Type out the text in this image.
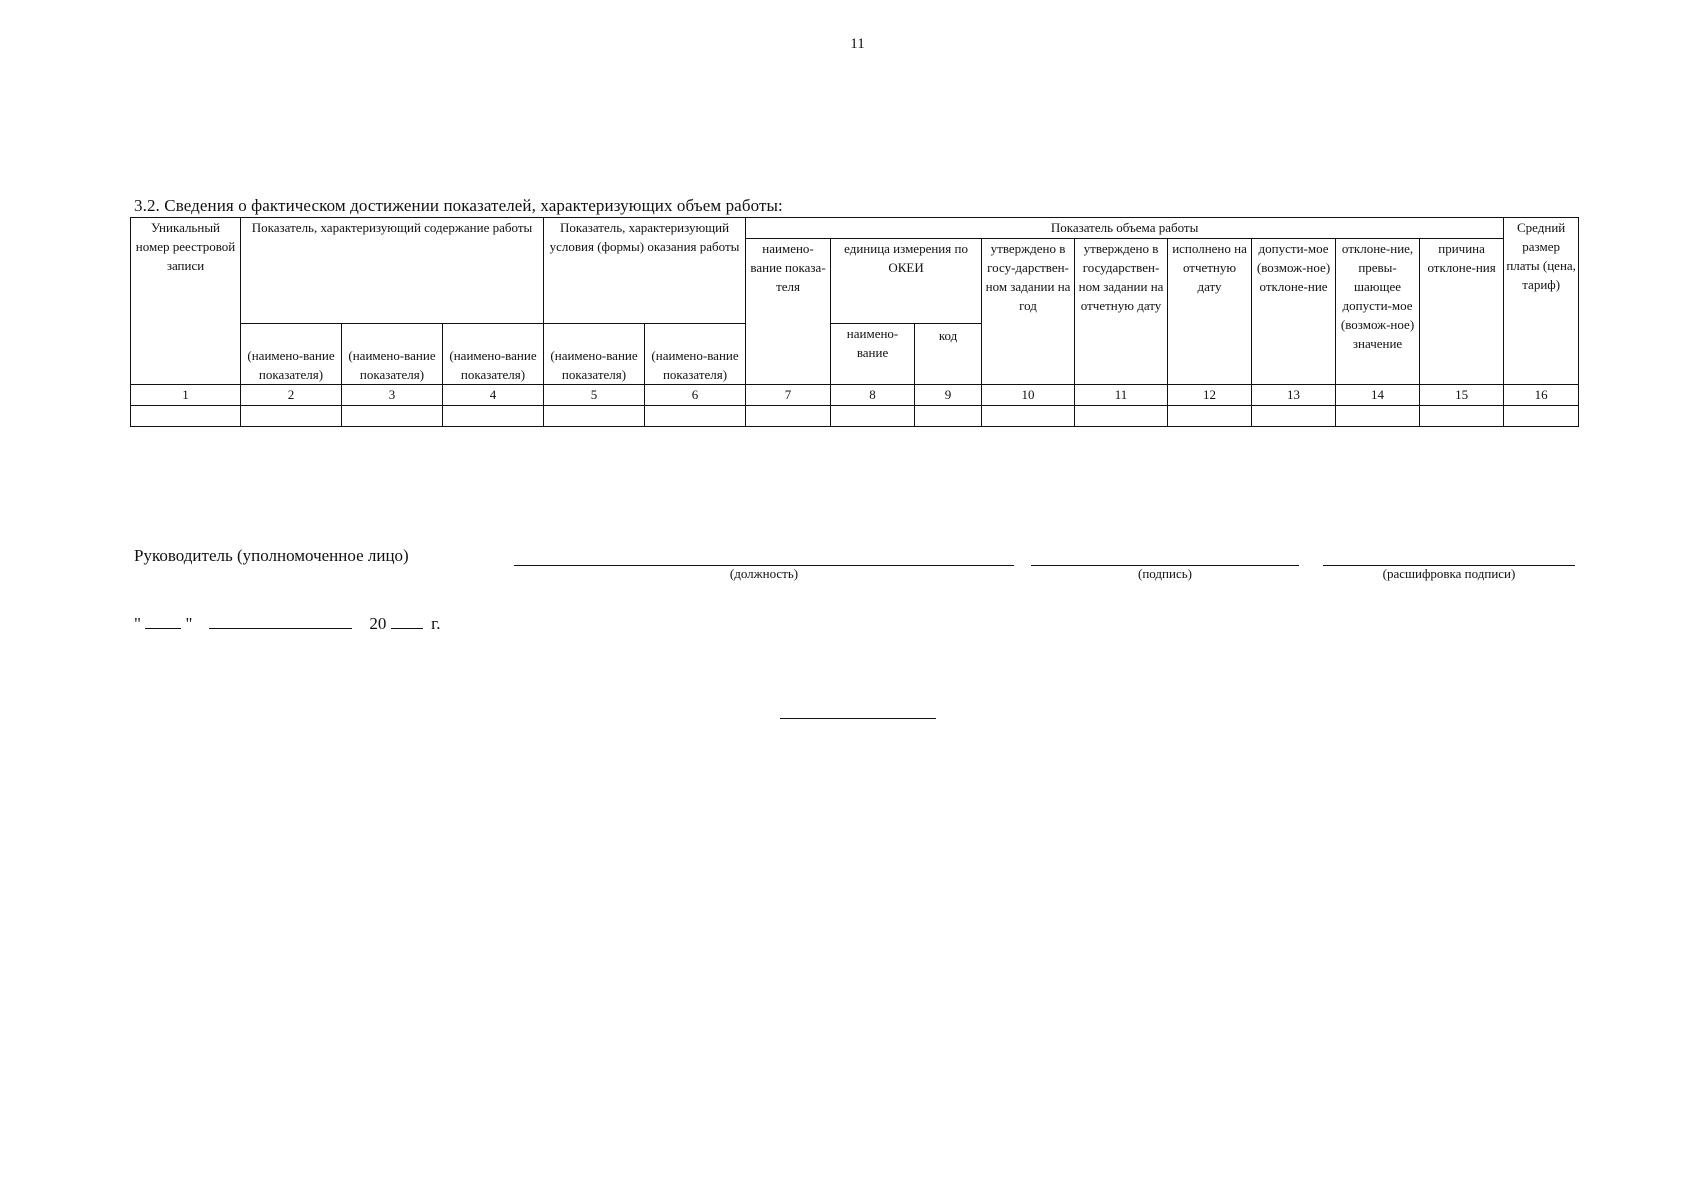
11
3.2. Сведения о фактическом достижении показателей, характеризующих объем работы:
Уникальный номер реестровой записи	Показатель, характеризующий содержание работы			Показатель, характеризующий условия (формы) оказания работы		Показатель объема работы									Средний размер платы (цена, тариф)
						наимено-вание показа-теля	единица измерения по ОКЕИ		утверждено в госу-дарствен-ном задании на год	утверждено в государствен-ном задании на отчетную дату	исполнено на отчетную дату	допусти-мое (возмож-ное) отклоне-ние	отклоне-ние, превы-шающее допусти-мое (возмож-ное) значение	причина отклоне-ния	
	(наимено-вание показателя)	(наимено-вание показателя)	(наимено-вание показателя)	(наимено-вание показателя)	(наимено-вание показателя)		наимено-вание	код							

1	2	3	4	5	6	7	8	9	10	11	12	13	14	15	16

Руководитель (уполномоченное лицо)
(должность)	(подпись)	(расшифровка подписи)
"	"	20	г.
